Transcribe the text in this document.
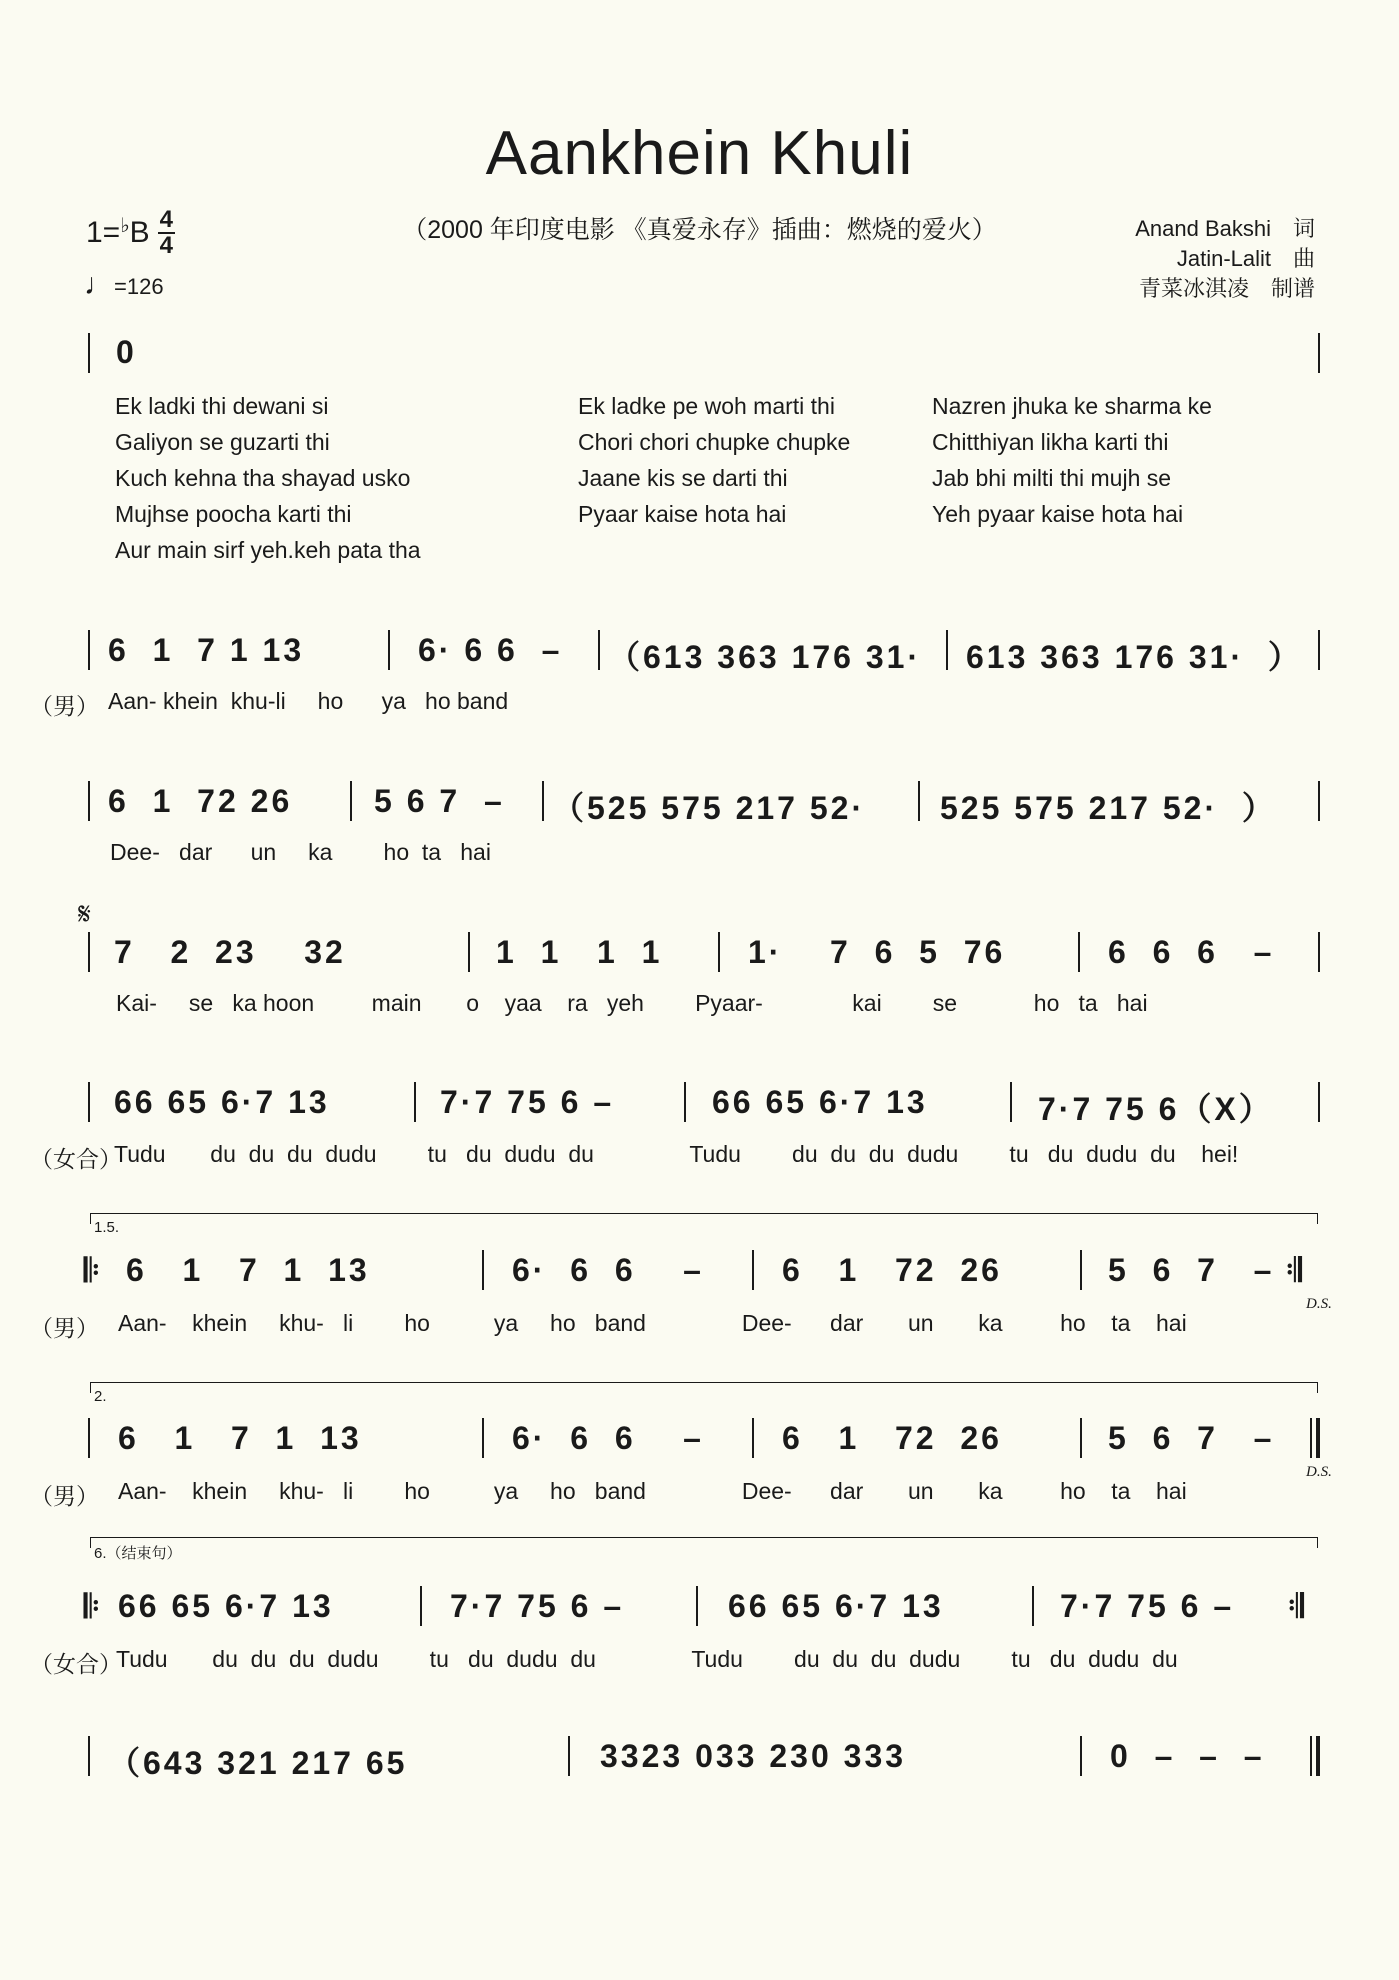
Aankhein Khuli
（2000 年印度电影 《真爱永存》插曲：燃烧的爱火）
1= ♭ B 4
4
♩=126
Anand Bakshi　词
Jatin-Lalit　曲
青菜冰淇凌　制谱
0
Ek ladki thi dewani si
Galiyon se guzarti thi
Kuch kehna tha shayad usko
Mujhse poocha karti thi
Aur main sirf yeh.keh pata tha
Ek ladke pe woh marti thi
Chori chori chupke chupke
Jaane kis se darti thi
Pyaar kaise hota hai
Nazren jhuka ke sharma ke
Chitthiyan likha karti thi
Jab bhi milti thi mujh se
Yeh pyaar kaise hota hai
6  1  7 1 13	6· 6 6  – （613 363 176 31· 613 363 176 31·  ）
（男） Aan- khein  khu-li     ho      ya   ho band
6  1  72 26	5 6 7  – （525 575 217 52· 525 575 217 52·  ）
Dee-   dar      un     ka        ho  ta   hai
𝄋
7   2  23    32	1  1   1  1	1·    7  6  5  76	6  6  6   –
Kai-     se   ka hoon         main       o    yaa    ra   yeh        Pyaar-              kai        se            ho   ta   hai
66 65 6·7 13	7·7 75 6 –	66 65 6·7 13	7·7 75 6（X）
（女合）
Tudu       du  du  du  dudu        tu   du  dudu  du               Tudu        du  du  du  dudu        tu   du  dudu  du    hei!
1.5.
𝄆 6   1   7  1  13	6·  6  6    – 6   1   72  26	5  6  7   – 𝄇
D.S.
（男） Aan-    khein     khu-   li        ho          ya     ho   band               Dee-      dar       un       ka         ho    ta    hai
2.
6   1   7  1  13	6·  6  6    – 6   1   72  26	5  6  7   –
D.S.
（男） Aan-    khein     khu-   li        ho          ya     ho   band               Dee-      dar       un       ka         ho    ta    hai
6.（结束句）
𝄆 66 65 6·7 13	7·7 75 6 –	66 65 6·7 13	7·7 75 6 – 𝄇
（女合）
Tudu       du  du  du  dudu        tu   du  dudu  du               Tudu        du  du  du  dudu        tu   du  dudu  du
（643 321 217 65	3323 033 230 333	0  –  –  –
